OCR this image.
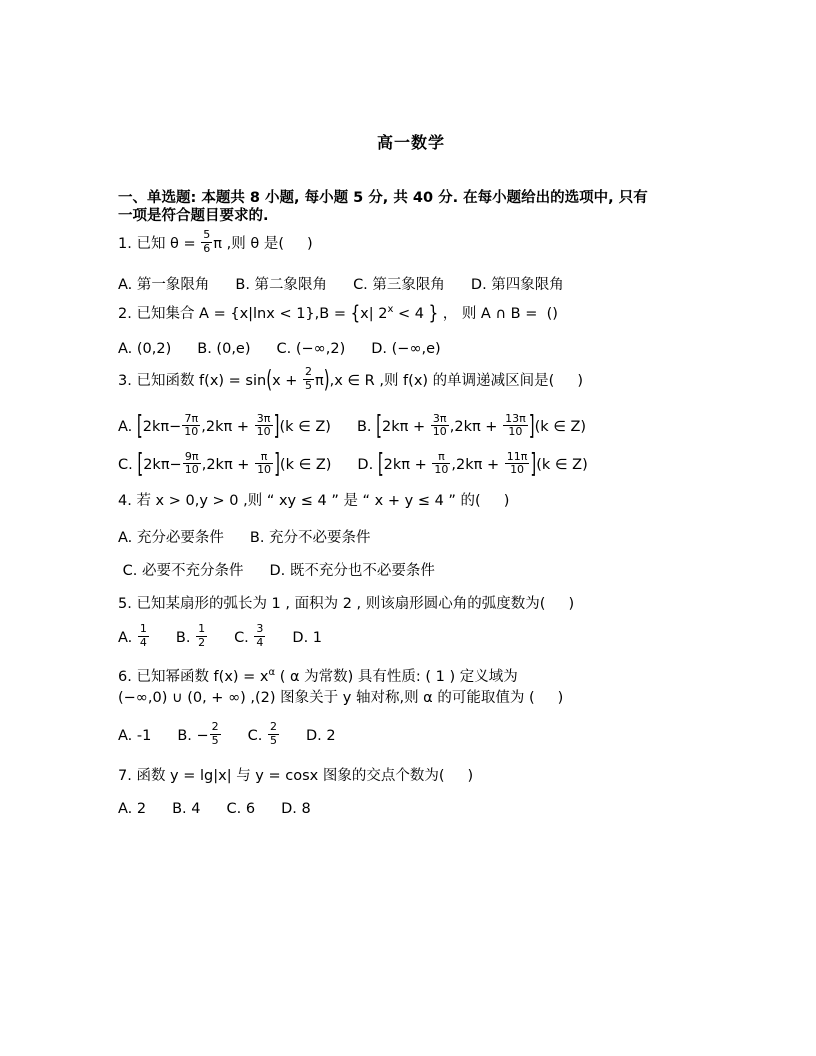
高一数学
一、单选题: 本题共 8 小题, 每小题 5 分, 共 40 分. 在每小题给出的选项中, 只有
一项是符合题目要求的.
1. 已知 $\theta = \frac{5}{6}$ π ,则 θ 是(     )
A. 第一象限角 B. 第二象限角 C. 第三象限角 D. 第四象限角
2. 已知集合 A = {x|lnx < 1},B = {x| $2^x < 4$ } ， 则 A ∩ B =  ()
A. (0,2) B. (0,e) C. (−∞,2) D. (−∞,e)
3. 已知函数 $f(x) = \sin(x + \frac{2}{5} \pi),x$ ∈ R ,则 f(x) 的单调递减区间是(     )
A. [ $2k\pi- \frac{7\pi}{10} ,2k\pi + \frac{3\pi}{10}$ ] (k ∈ Z) B. [ $2k\pi + \frac{3\pi}{10} ,2k\pi + \frac{13\pi}{10}$ ] (k ∈ Z)
C. [ $2k\pi- \frac{9\pi}{10} ,2k\pi + \frac{\pi}{10}$ ] (k ∈ Z) D. [ $2k\pi + \frac{\pi}{10} ,2k\pi + \frac{11\pi}{10}$ ] (k ∈ Z)
4. 若 x > 0,y > 0 ,则 “ xy ≤ 4 ” 是 “ x + y ≤ 4 ” 的(     )
A. 充分必要条件 B. 充分不必要条件
C. 必要不充分条件 D. 既不充分也不必要条件
5. 已知某扇形的弧长为 1 , 面积为 2 , 则该扇形圆心角的弧度数为(     )
A. $\frac{1}{4} B$. $\frac{1}{2} C$. $\frac{3}{4} D$. 1
6. 已知幂函数 $f(x) = x^\alpha$ ( α 为常数) 具有性质: ( 1 ) 定义域为
(−∞,0) ∪ (0, + ∞) ,(2) 图象关于 y 轴对称,则 α 的可能取值为 (     )
A. -1 B. − $\frac{2}{5} C$. $\frac{2}{5} D$. 2
7. 函数 y = lg|x| 与 y = cosx 图象的交点个数为(     )
A. 2 B. 4 C. 6 D. 8
